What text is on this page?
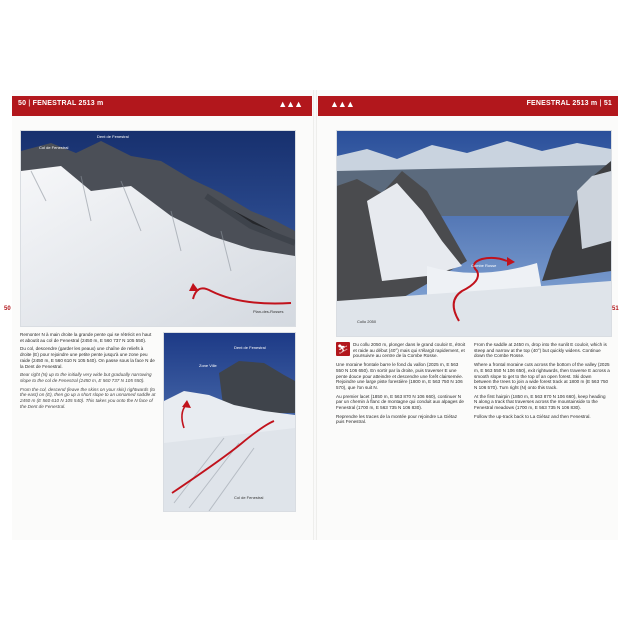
50 | FENESTRAL 2513 m	▲▲▲	▲▲▲	FENESTRAL 2513 m | 51
50	51
Dent de Fenestral
Col de Fenestral
Plan-des-Rosses
Dent de Fenestral
Zone Ville
Col de Fenestral
Combe Rosse
Collo 2050

Remonter N à main droite la grande pente qui se rétrécit en haut et aboutit au col de Fenestral (2450 m, E 560 737 N 105 550).

Du col, descendre (garder les peaux) une chaîne de reliefs à droite (E) pour rejoindre une petite pente jusqu'à une zone peu raide (2450 m, E 560 610 N 105 540). On passe sous la face N de la Dent de Fenestral.

Bear right (N) up to the initially very wide but gradually narrowing slope to the col de Fenestral (2450 m, E 560 737 N 105 550).

From the col, descend (leave the skins on your skis) rightwards (to the east) on (E), then go up a short slope to an unnamed saddle at 2450 m (E 560 610 N 105 540). This takes you onto the N face of the Dent de Fenestral.

⛷ Du collu 2050 m, plonger dans le grand couloir E, étroit et raide au début (40°) mais qui s'élargit rapidement, et poursuivre au centre de la Combe Rosse.

Une moraine frontale barre le fond du vallon (2025 m, E 563 550 N 106 650). En sortir par la droite, puis traverser E une pente douce pour atteindre et descendre une forêt clairsemée. Rejoindre une large piste forestière (1800 m, E 563 750 N 106 570), que l'on suit N.

Au premier lacet (1850 m, E 563 870 N 106 660), continuer N par un chemin à flanc de montagne qui conduit aux alpages de Fenestral (1700 m, E 563 735 N 106 830).

Reprendre les traces de la montée pour rejoindre La Giétaz puis Fenestral.

From the saddle at 2450 m, drop into the sunlit E couloir, which is steep and narrow at the top (40°) but quickly widens. Continue down the Combe Rosse.

Where a frontal moraine cuts across the bottom of the valley (2025 m, E 563 550 N 106 650), exit rightwards, then traverse E across a smooth slope to get to the top of an open forest. Ski down between the trees to join a wide forest track at 1800 m (E 563 750 N 106 570). Turn right (N) onto this track.

At the first hairpin (1850 m, E 563 870 N 106 660), keep heading N along a track that traverses across the mountainside to the Fenestral meadows (1700 m, E 563 735 N 106 830).

Follow the up-track back to La Giétaz and then Fenestral.
